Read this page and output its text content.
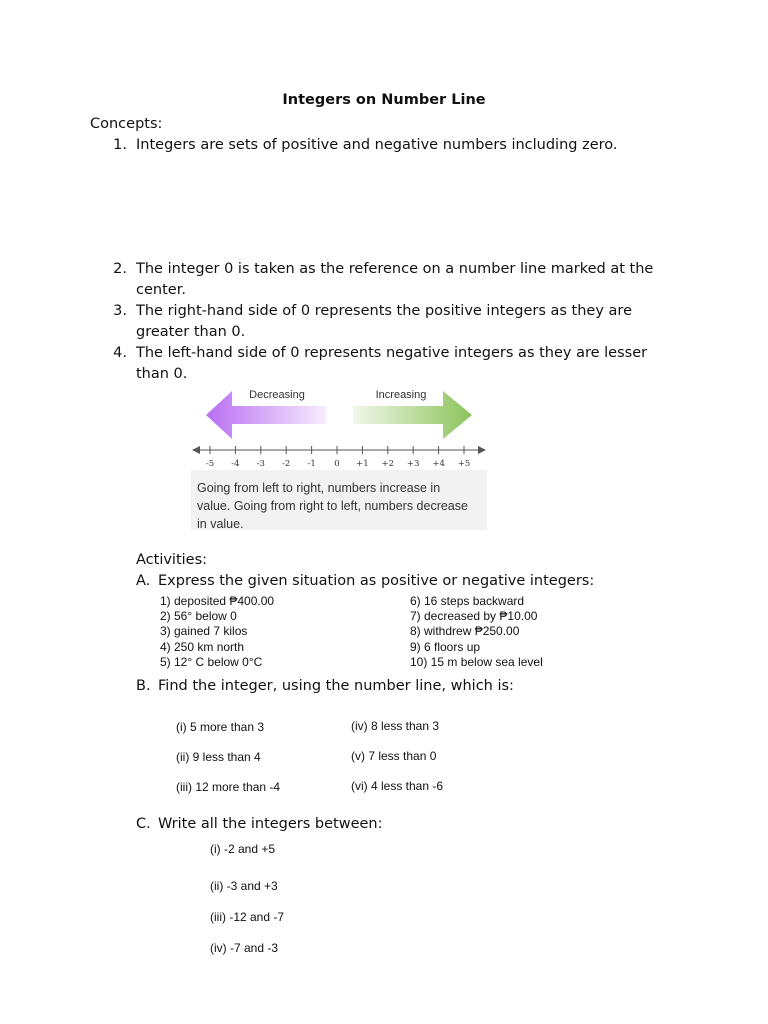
Integers on Number Line
Concepts:
1. Integers are sets of positive and negative numbers including zero.
2. The integer 0 is taken as the reference on a number line marked at the
center.
3. The right-hand side of 0 represents the positive integers as they are
greater than 0.
4. The left-hand side of 0 represents negative integers as they are lesser
than 0.
Decreasing	Increasing
-5 -4 -3 -2 -1 0 +1 +2 +3 +4 +5
Going from left to right, numbers increase in
value. Going from right to left, numbers decrease
in value.
Activities:
A. Express the given situation as positive or negative integers:
1) deposited ₱400.00
2) 56° below 0
3) gained 7 kilos
4) 250 km north
5) 12° C below 0°C
6) 16 steps backward
7) decreased by ₱10.00
8) withdrew ₱250.00
9) 6 floors up
10) 15 m below sea level
B. Find the integer, using the number line, which is:
(i) 5 more than 3
(ii) 9 less than 4
(iii) 12 more than -4
(iv) 8 less than 3
(v) 7 less than 0
(vi) 4 less than -6
C. Write all the integers between:
(i) -2 and +5
(ii) -3 and +3
(iii) -12 and -7
(iv) -7 and -3
